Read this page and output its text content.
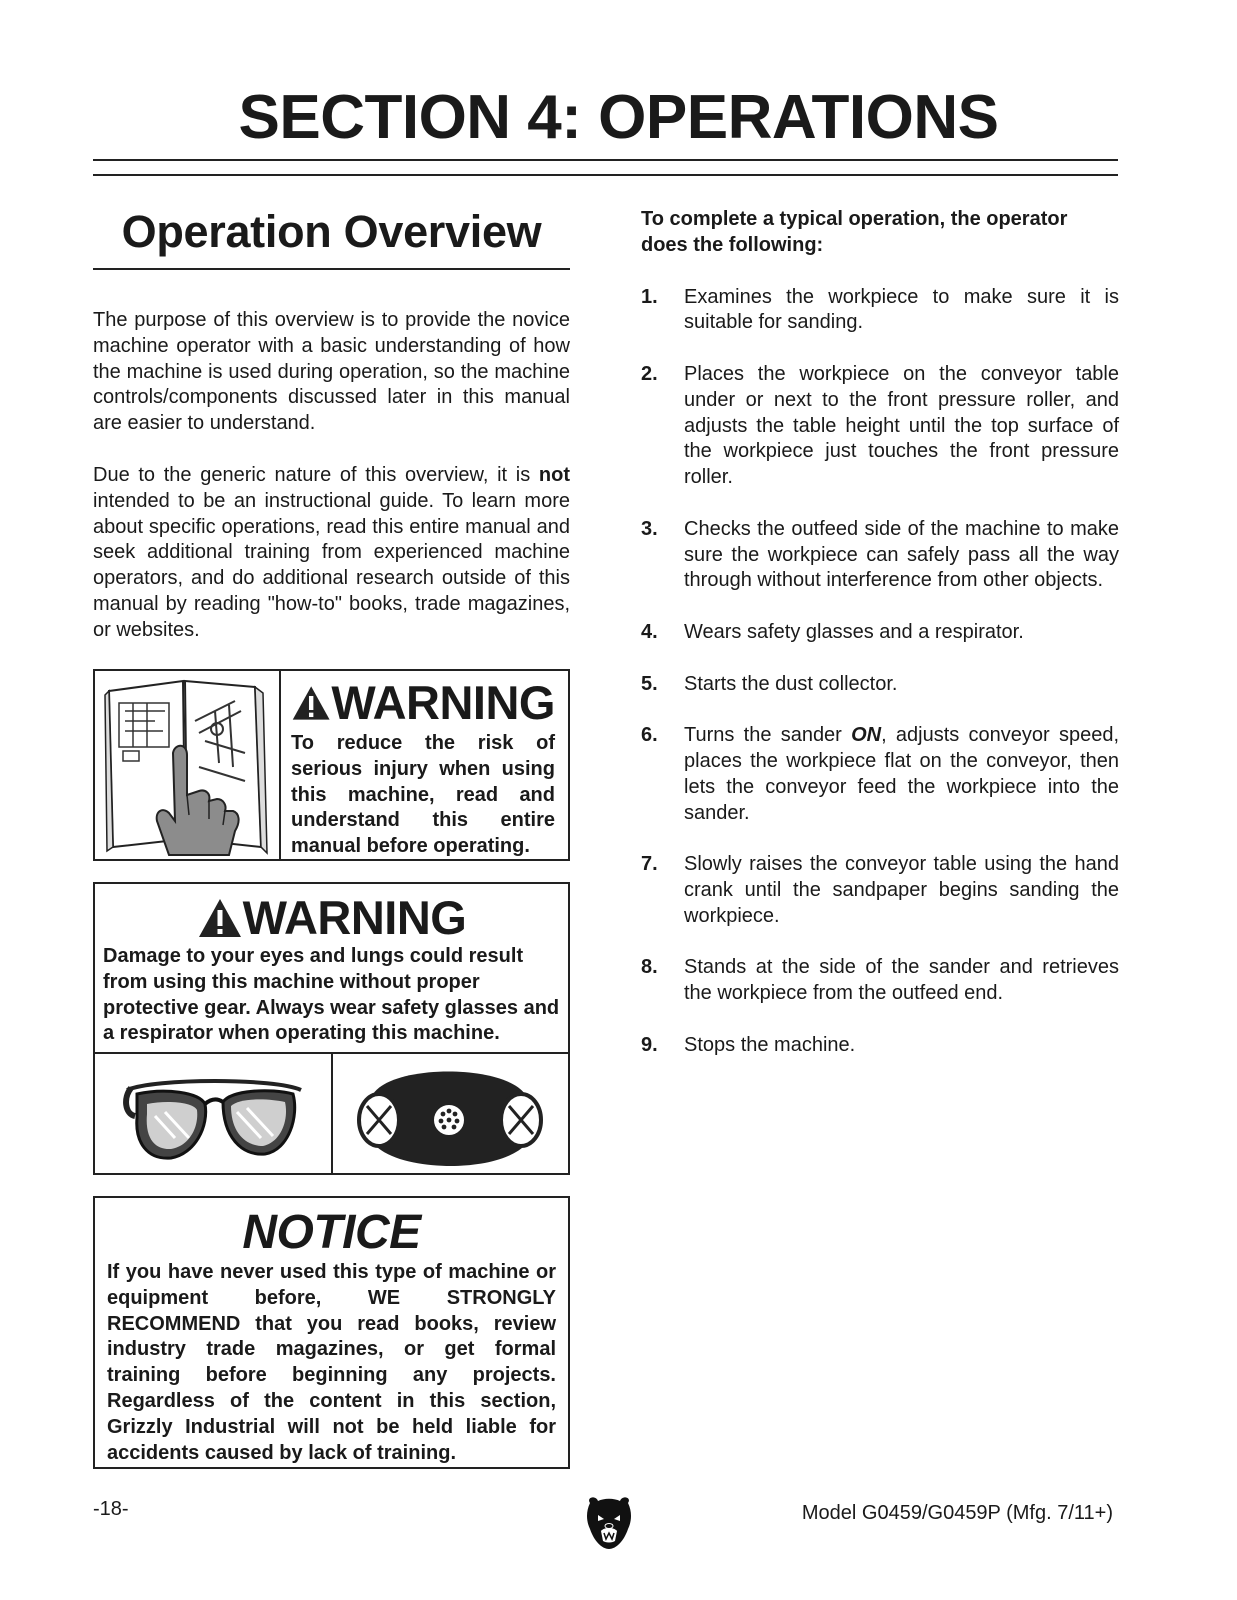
SECTION 4: OPERATIONS
Operation Overview

The purpose of this overview is to provide the novice machine operator with a basic understanding of how the machine is used during operation, so the machine controls/components discussed later in this manual are easier to understand.

Due to the generic nature of this overview, it is not intended to be an instructional guide. To learn more about specific operations, read this entire manual and seek additional training from experienced machine operators, and do additional research outside of this manual by reading "how-to" books, trade magazines, or websites.

WARNING
To reduce the risk of serious injury when using this machine, read and understand this entire manual before operating.
WARNING
Damage to your eyes and lungs could result from using this machine without proper protective gear. Always wear safety glasses and a respirator when operating this machine.
NOTICE
If you have never used this type of machine or equipment before, WE STRONGLY RECOMMEND that you read books, review industry trade magazines, or get formal training before beginning any projects. Regardless of the content in this section, Grizzly Industrial will not be held liable for accidents caused by lack of training.

To complete a typical operation, the operator does the following:

1.	Examines the workpiece to make sure it is suitable for sanding.
2.	Places the workpiece on the conveyor table under or next to the front pressure roller, and adjusts the table height until the top surface of the workpiece just touches the front pressure roller.
3.	Checks the outfeed side of the machine to make sure the workpiece can safely pass all the way through without interference from other objects.
4.	Wears safety glasses and a respirator.
5.	Starts the dust collector.
6.	Turns the sander ON, adjusts conveyor speed, places the workpiece flat on the conveyor, then lets the conveyor feed the workpiece into the sander.
7.	Slowly raises the conveyor table using the hand crank until the sandpaper begins sanding the workpiece.
8.	Stands at the side of the sander and retrieves the workpiece from the outfeed end.
9.	Stops the machine.
-18-	Model G0459/G0459P (Mfg. 7/11+)
